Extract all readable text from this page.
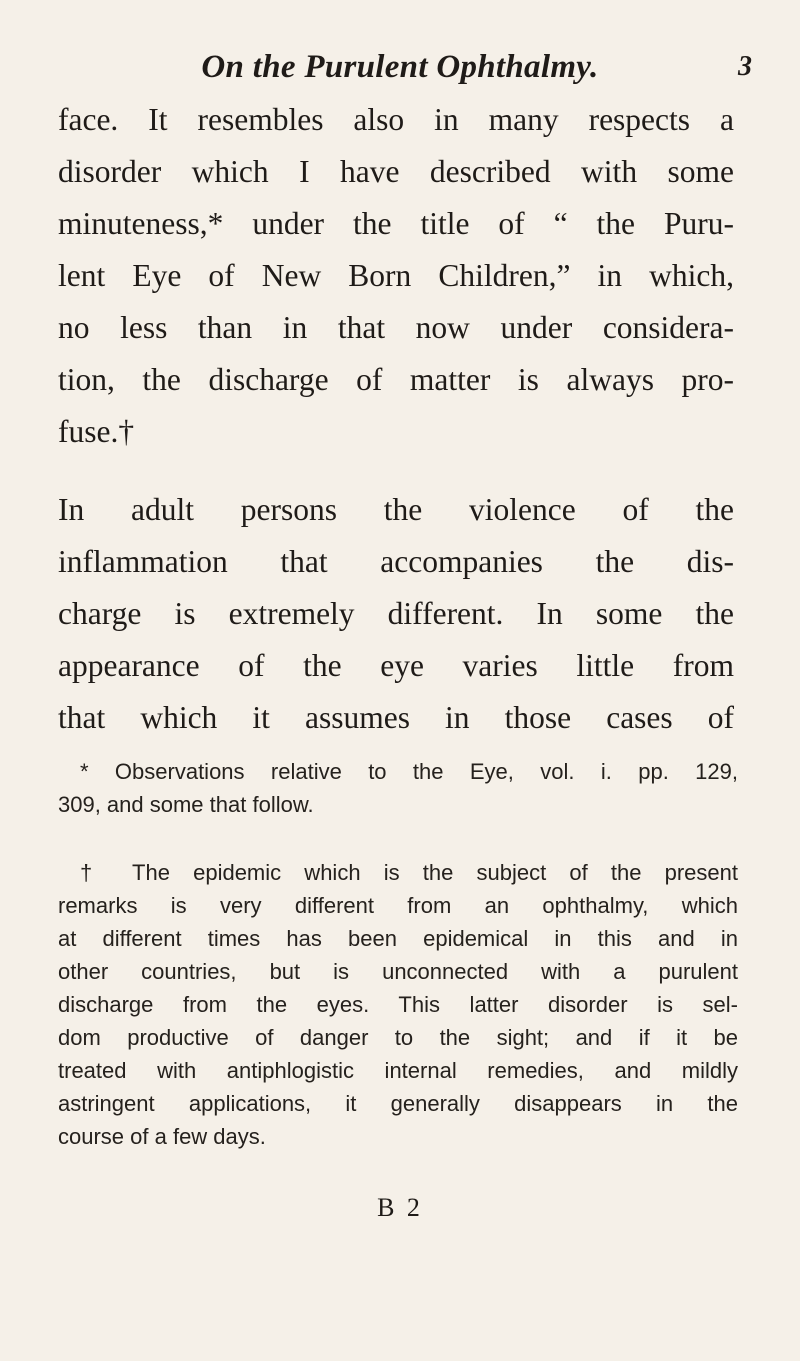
On the Purulent Ophthalmy.	3
face. It resembles also in many respects a
disorder which I have described with some
minuteness,* under the title of “ the Puru-
lent Eye of New Born Children,” in which,
no less than in that now under considera-
tion, the discharge of matter is always pro-
fuse.†
In adult persons the violence of the
inflammation that accompanies the dis-
charge is extremely different. In some the
appearance of the eye varies little from
that which it assumes in those cases of
* Observations relative to the Eye, vol. i. pp. 129,
309, and some that follow.
† The epidemic which is the subject of the present
remarks is very different from an ophthalmy, which
at different times has been epidemical in this and in
other countries, but is unconnected with a purulent
discharge from the eyes. This latter disorder is sel-
dom productive of danger to the sight; and if it be
treated with antiphlogistic internal remedies, and mildly
astringent applications, it generally disappears in the
course of a few days.
B 2
